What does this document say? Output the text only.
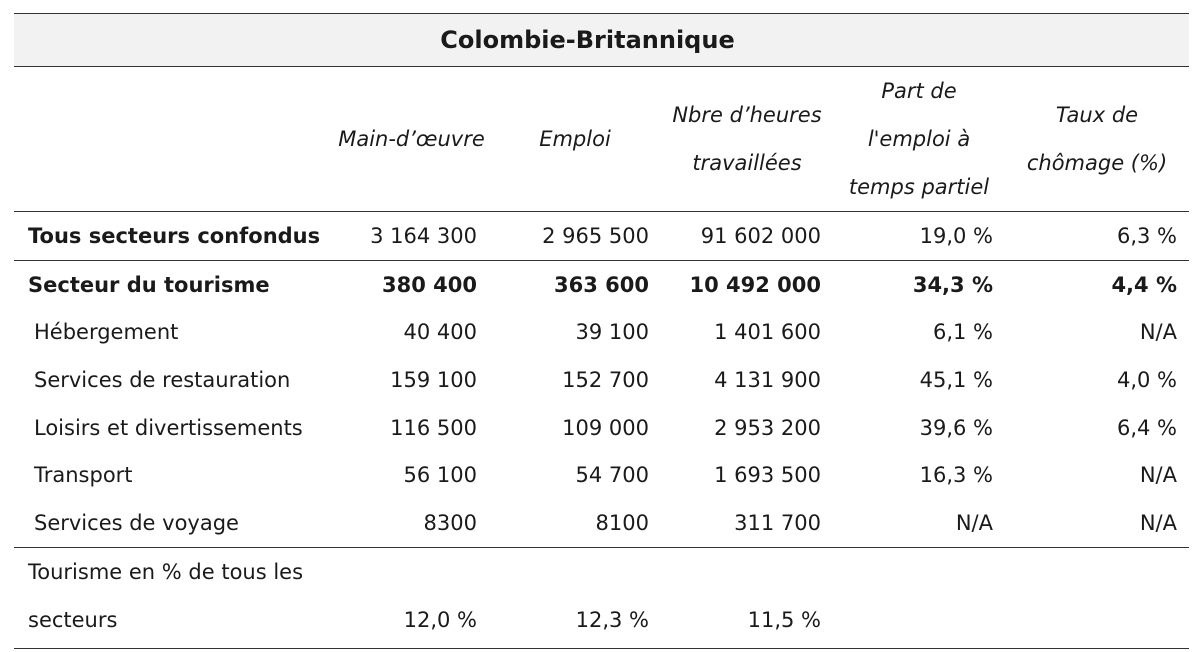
Colombie-Britannique
	Main-d’œuvre	Emploi	Nbre d’heures travaillées	Part de l'emploi à temps partiel	Taux de chômage (%)
Tous secteurs confondus	3 164 300	2 965 500	91 602 000	19,0 %	6,3 %
Secteur du tourisme	380 400	363 600	10 492 000	34,3 %	4,4 %
Hébergement	40 400	39 100	1 401 600	6,1 %	N/A
Services de restauration	159 100	152 700	4 131 900	45,1 %	4,0 %
Loisirs et divertissements	116 500	109 000	2 953 200	39,6 %	6,4 %
Transport	56 100	54 700	1 693 500	16,3 %	N/A
Services de voyage	8300	8100	311 700	N/A	N/A
Tourisme en % de tous les secteurs	12,0 %	12,3 %	11,5 %		
